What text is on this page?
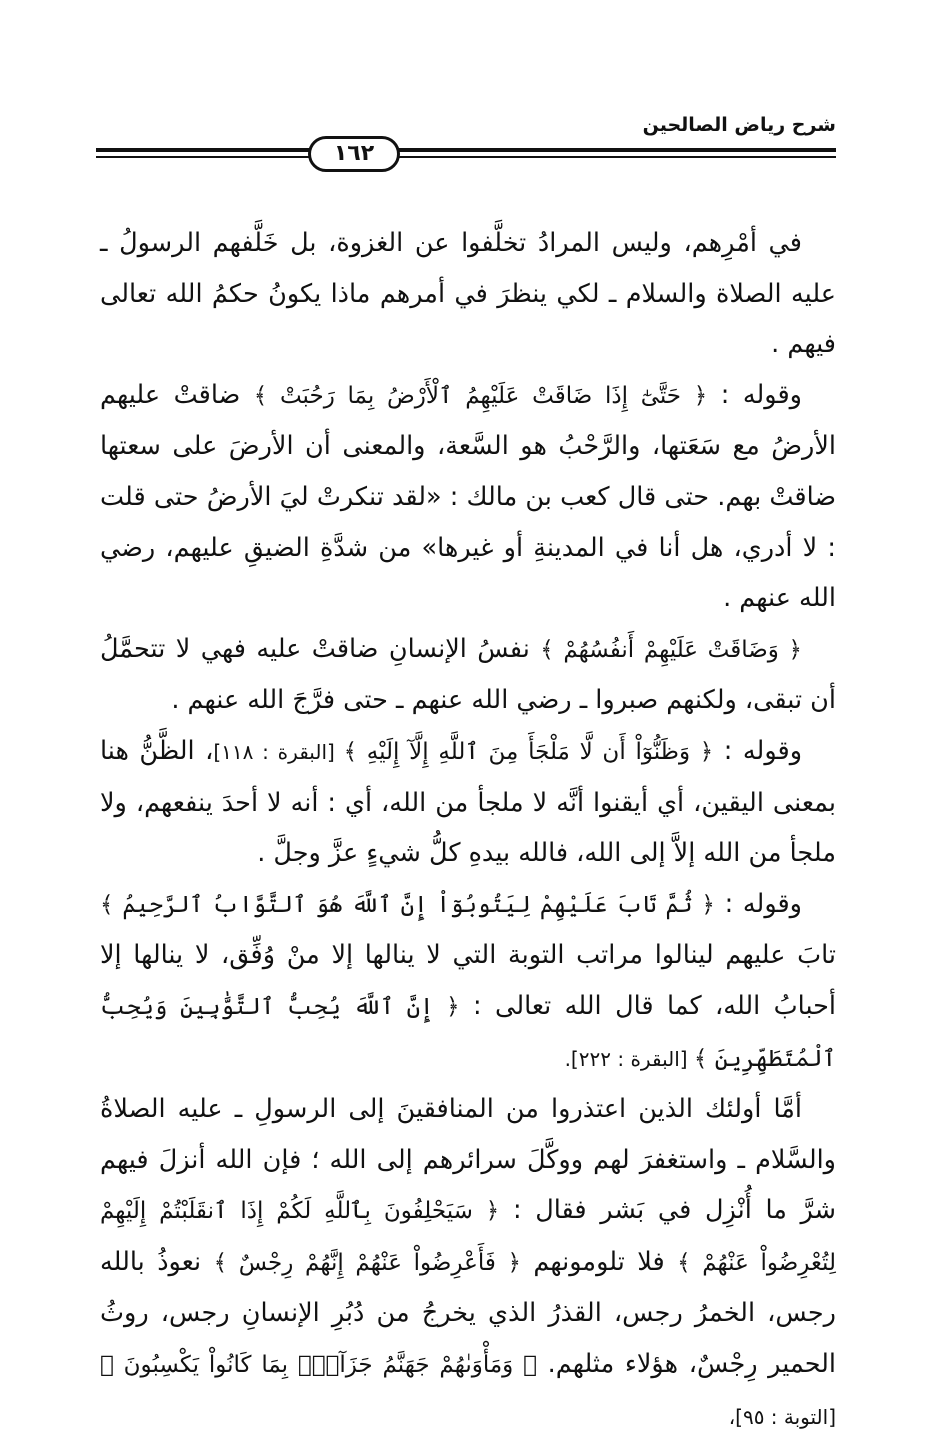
شرح رياض الصالحين
١٦٢

في أمْرِهم، وليس المرادُ تخلَّفوا عن الغزوة، بل خَلَّفهم الرسولُ ـ عليه الصلاة والسلام ـ لكي ينظرَ في أمرهم ماذا يكونُ حكمُ الله تعالى فيهم .

وقوله : ﴿ حَتَّىٰٓ إِذَا ضَاقَتْ عَلَيْهِمُ ٱلْأَرْضُ بِمَا رَحُبَتْ ﴾ ضاقتْ عليهم الأرضُ مع سَعَتها، والرَّحْبُ هو السَّعة، والمعنى أن الأرضَ على سعتها ضاقتْ بهم. حتى قال كعب بن مالك : «لقد تنكرتْ ليَ الأرضُ حتى قلت : لا أدري، هل أنا في المدينةِ أو غيرها» من شدَّةِ الضيقِ عليهم، رضي الله عنهم .

﴿ وَضَاقَتْ عَلَيْهِمْ أَنفُسُهُمْ ﴾ نفسُ الإنسانِ ضاقتْ عليه فهي لا تتحمَّلُ أن تبقى، ولكنهم صبروا ـ رضي الله عنهم ـ حتى فرَّجَ الله عنهم .

وقوله : ﴿ وَظَنُّوٓاْ أَن لَّا مَلْجَأَ مِنَ ٱللَّهِ إِلَّآ إِلَيْهِ ﴾ [البقرة : ١١٨]، الظَّنُّ هنا بمعنى اليقين، أي أيقنوا أنَّه لا ملجأ من الله، أي : أنه لا أحدَ ينفعهم، ولا ملجأ من الله إلاَّ إلى الله، فالله بيدهِ كلُّ شيءٍ عزَّ وجلَّ .

وقوله : ﴿ ثُمَّ تَابَ عَلَيْهِمْ لِيَتُوبُوٓاْ إِنَّ ٱللَّهَ هُوَ ٱلتَّوَّابُ ٱلرَّحِيمُ ﴾ تابَ عليهم لينالوا مراتب التوبة التي لا ينالها إلا منْ وُفِّق، لا ينالها إلا أحبابُ الله، كما قال الله تعالى : ﴿ إِنَّ ٱللَّهَ يُحِبُّ ٱلتَّوَّٰبِينَ وَيُحِبُّ ٱلْمُتَطَهِّرِينَ ﴾ [البقرة : ٢٢٢].

أمَّا أولئك الذين اعتذروا من المنافقينَ إلى الرسولِ ـ عليه الصلاةُ والسَّلام ـ واستغفرَ لهم ووكَّلَ سرائرهم إلى الله ؛ فإن الله أنزلَ فيهم شرَّ ما أُنْزِل في بَشر فقال : ﴿ سَيَحْلِفُونَ بِٱللَّهِ لَكُمْ إِذَا ٱنقَلَبْتُمْ إِلَيْهِمْ لِتُعْرِضُواْ عَنْهُمْ ﴾ فلا تلومونهم ﴿ فَأَعْرِضُواْ عَنْهُمْ إِنَّهُمْ رِجْسٌ ﴾ نعوذُ بالله رجس، الخمرُ رجس، القذرُ الذي يخرجُ من دُبُرِ الإنسانِ رجس، روثُ الحمير رِجْسٌ، هؤلاء مثلهم. ﴿ وَمَأْوَىٰهُمْ جَهَنَّمُ جَزَآءًۢ بِمَا كَانُواْ يَكْسِبُونَ ﴾ [التوبة : ٩٥]،
